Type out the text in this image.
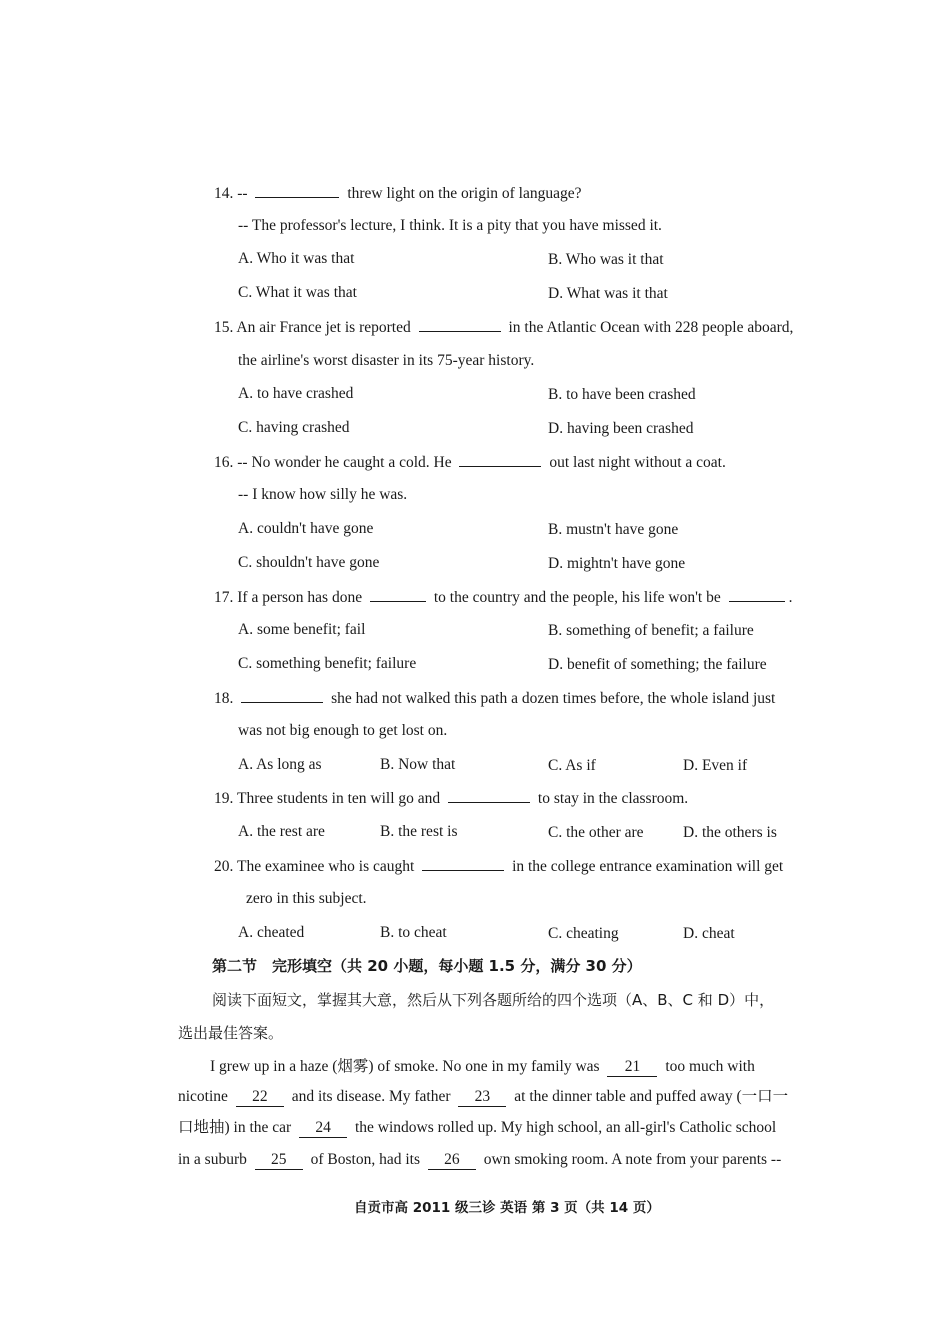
14. --	threw light on the origin of language?
-- The professor's lecture, I think. It is a pity that you have missed it.
A. Who it was that	B. Who was it that
C. What it was that	D. What was it that
15. An air France jet is reported	in the Atlantic Ocean with 228 people aboard,
the airline's worst disaster in its 75-year history.
A. to have crashed	B. to have been crashed
C. having crashed	D. having been crashed
16. -- No wonder he caught a cold. He	out last night without a coat.
-- I know how silly he was.
A. couldn't have gone	B. mustn't have gone
C. shouldn't have gone	D. mightn't have gone
17. If a person has done	to the country and the people, his life won't be	.
A. some benefit; fail	B. something of benefit; a failure
C. something benefit; failure	D. benefit of something; the failure
18.	she had not walked this path a dozen times before, the whole island just
was not big enough to get lost on.
A. As long as	B. Now that	C. As if	D. Even if
19. Three students in ten will go and	to stay in the classroom.
A. the rest are	B. the rest is	C. the other are	D. the others is
20. The examinee who is caught	in the college entrance examination will get
zero in this subject.
A. cheated	B. to cheat	C. cheating	D. cheat
第二节　完形填空（共 20 小题，每小题 1.5 分，满分 30 分）
阅读下面短文，掌握其大意，然后从下列各题所给的四个选项（A、B、C 和 D）中，
选出最佳答案。
I grew up in a haze (烟雾) of smoke. No one in my family was 21 too much with
nicotine 22 and its disease. My father 23 at the dinner table and puffed away (一口一
口地抽) in the car 24 the windows rolled up. My high school, an all-girl's Catholic school
in a suburb 25 of Boston, had its 26 own smoking room. A note from your parents --
自贡市高 2011 级三诊 英语 第 3 页（共 14 页）
